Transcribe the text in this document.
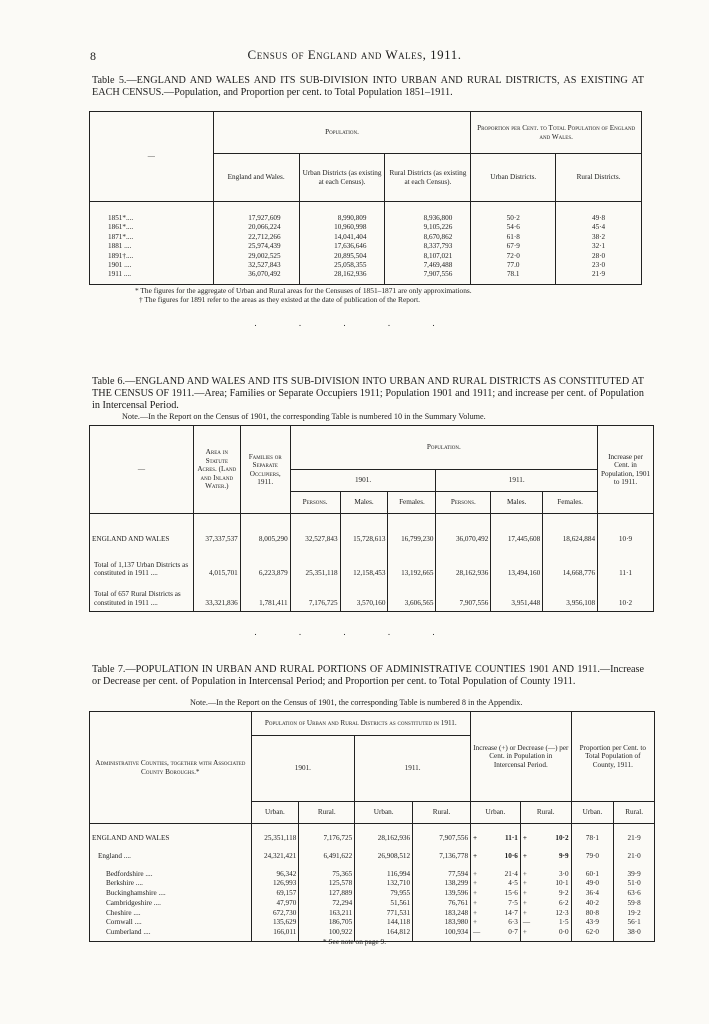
8	Census of England and Wales, 1911.
Table 5.—ENGLAND AND WALES AND ITS SUB-DIVISION INTO URBAN AND RURAL DISTRICTS, AS EXISTING AT EACH CENSUS.—Population, and Proportion per cent. to Total Population 1851–1911.
—	Population.			Proportion per Cent. to Total Population of England and Wales.	
	England and Wales.	Urban Districts (as existing at each Census).	Rural Districts (as existing at each Census).	Urban Districts.	Rural Districts.

1851*....	17,927,609	8,990,809	8,936,800	50·2	49·8
1861*....	20,066,224	10,960,998	9,105,226	54·6	45·4
1871*....	22,712,266	14,041,404	8,670,862	61·8	38·2
1881 ....	25,974,439	17,636,646	8,337,793	67·9	32·1
1891†....	29,002,525	20,895,504	8,107,021	72·0	28·0
1901 ....	32,527,843	25,058,355	7,469,488	77.0	23·0
1911 ....	36,070,492	28,162,936	7,907,556	78.1	21·9
* The figures for the aggregate of Urban and Rural areas for the Censuses of 1851–1871 are only approximations.
† The figures for 1891 refer to the areas as they existed at the date of publication of the Report.
. . . . .
Table 6.—ENGLAND AND WALES AND ITS SUB-DIVISION INTO URBAN AND RURAL DISTRICTS AS CONSTITUTED AT THE CENSUS OF 1911.—Area; Families or Separate Occupiers 1911; Population 1901 and 1911; and increase per cent. of Population in Intercensal Period.
Note.—In the Report on the Census of 1901, the corresponding Table is numbered 10 in the Summary Volume.
—	Area in Statute Acres. (Land and Inland Water.)	Families or Separate Occupiers, 1911.	Population.						Increase per Cent. in Population, 1901 to 1911.
			1901.			1911.			
			Persons.	Males.	Females.	Persons.	Males.	Females.	

ENGLAND AND WALES	37,337,537	8,005,290	32,527,843	15,728,613	16,799,230	36,070,492	17,445,608	18,624,884	10·9
Total of 1,137 Urban Districts as constituted in 1911 ....	4,015,701	6,223,879	25,351,118	12,158,453	13,192,665	28,162,936	13,494,160	14,668,776	11·1
Total of 657 Rural Districts as constituted in 1911 ....	33,321,836	1,781,411	7,176,725	3,570,160	3,606,565	7,907,556	3,951,448	3,956,108	10·2
. . . . .
Table 7.—POPULATION IN URBAN AND RURAL PORTIONS OF ADMINISTRATIVE COUNTIES 1901 AND 1911.—Increase or Decrease per cent. of Population in Intercensal Period; and Proportion per cent. to Total Population of County 1911.
Note.—In the Report on the Census of 1901, the corresponding Table is numbered 8 in the Appendix.
Administrative Counties, together with Associated County Boroughs.*	Population of Urban and Rural Districts as constituted in 1911.				Increase (+) or Decrease (—) per Cent. in Population in Intercensal Period.		Proportion per Cent. to Total Population of County, 1911.	
	1901.		1911.					
	Urban.	Rural.	Urban.	Rural.	Urban.	Rural.	Urban.	Rural.

ENGLAND AND WALES	25,351,118	7,176,725	28,162,936	7,907,556	+ 11·1	+ 10·2	78·1	21·9
England ....	24,321,421	6,491,622	26,908,512	7,136,778	+ 10·6	+ 9·9	79·0	21·0
Bedfordshire ....	96,342	75,365	116,994	77,594	+ 21·4	+ 3·0	60·1	39·9
Berkshire ....	126,993	125,578	132,710	138,299	+ 4·5	+ 10·1	49·0	51·0
Buckinghamshire ....	69,157	127,889	79,955	139,596	+ 15·6	+ 9·2	36·4	63·6
Cambridgeshire ....	47,970	72,294	51,561	76,761	+ 7·5	+ 6·2	40·2	59·8
Cheshire ....	672,730	163,211	771,531	183,248	+ 14·7	+ 12·3	80·8	19·2
Cornwall ....	135,629	186,705	144,118	183,980	+ 6·3	— 1·5	43·9	56·1
Cumberland ....	166,011	100,922	164,812	100,934	— 0·7	+ 0·0	62·0	38·0
* See note on page 9.
